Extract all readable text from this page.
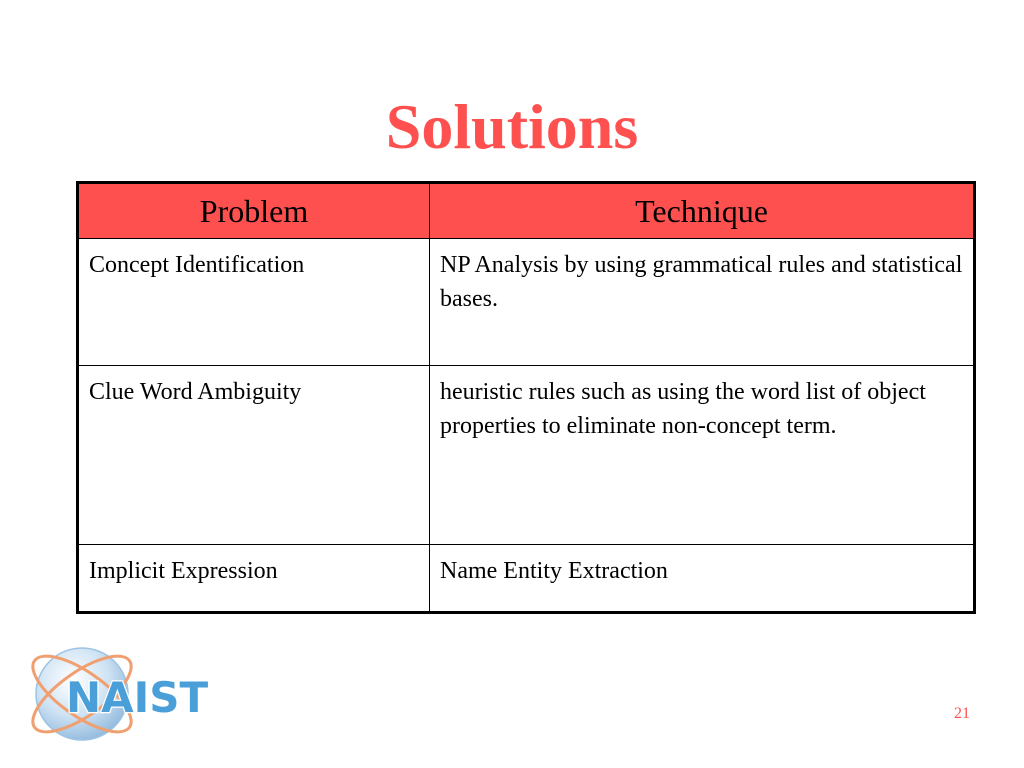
Solutions
Problem	Technique
Concept Identification	NP Analysis by using grammatical rules and statistical bases.
Clue Word Ambiguity	heuristic rules such as using the word list of object properties to eliminate non-concept term.
Implicit Expression	Name Entity Extraction
NAIST	21
